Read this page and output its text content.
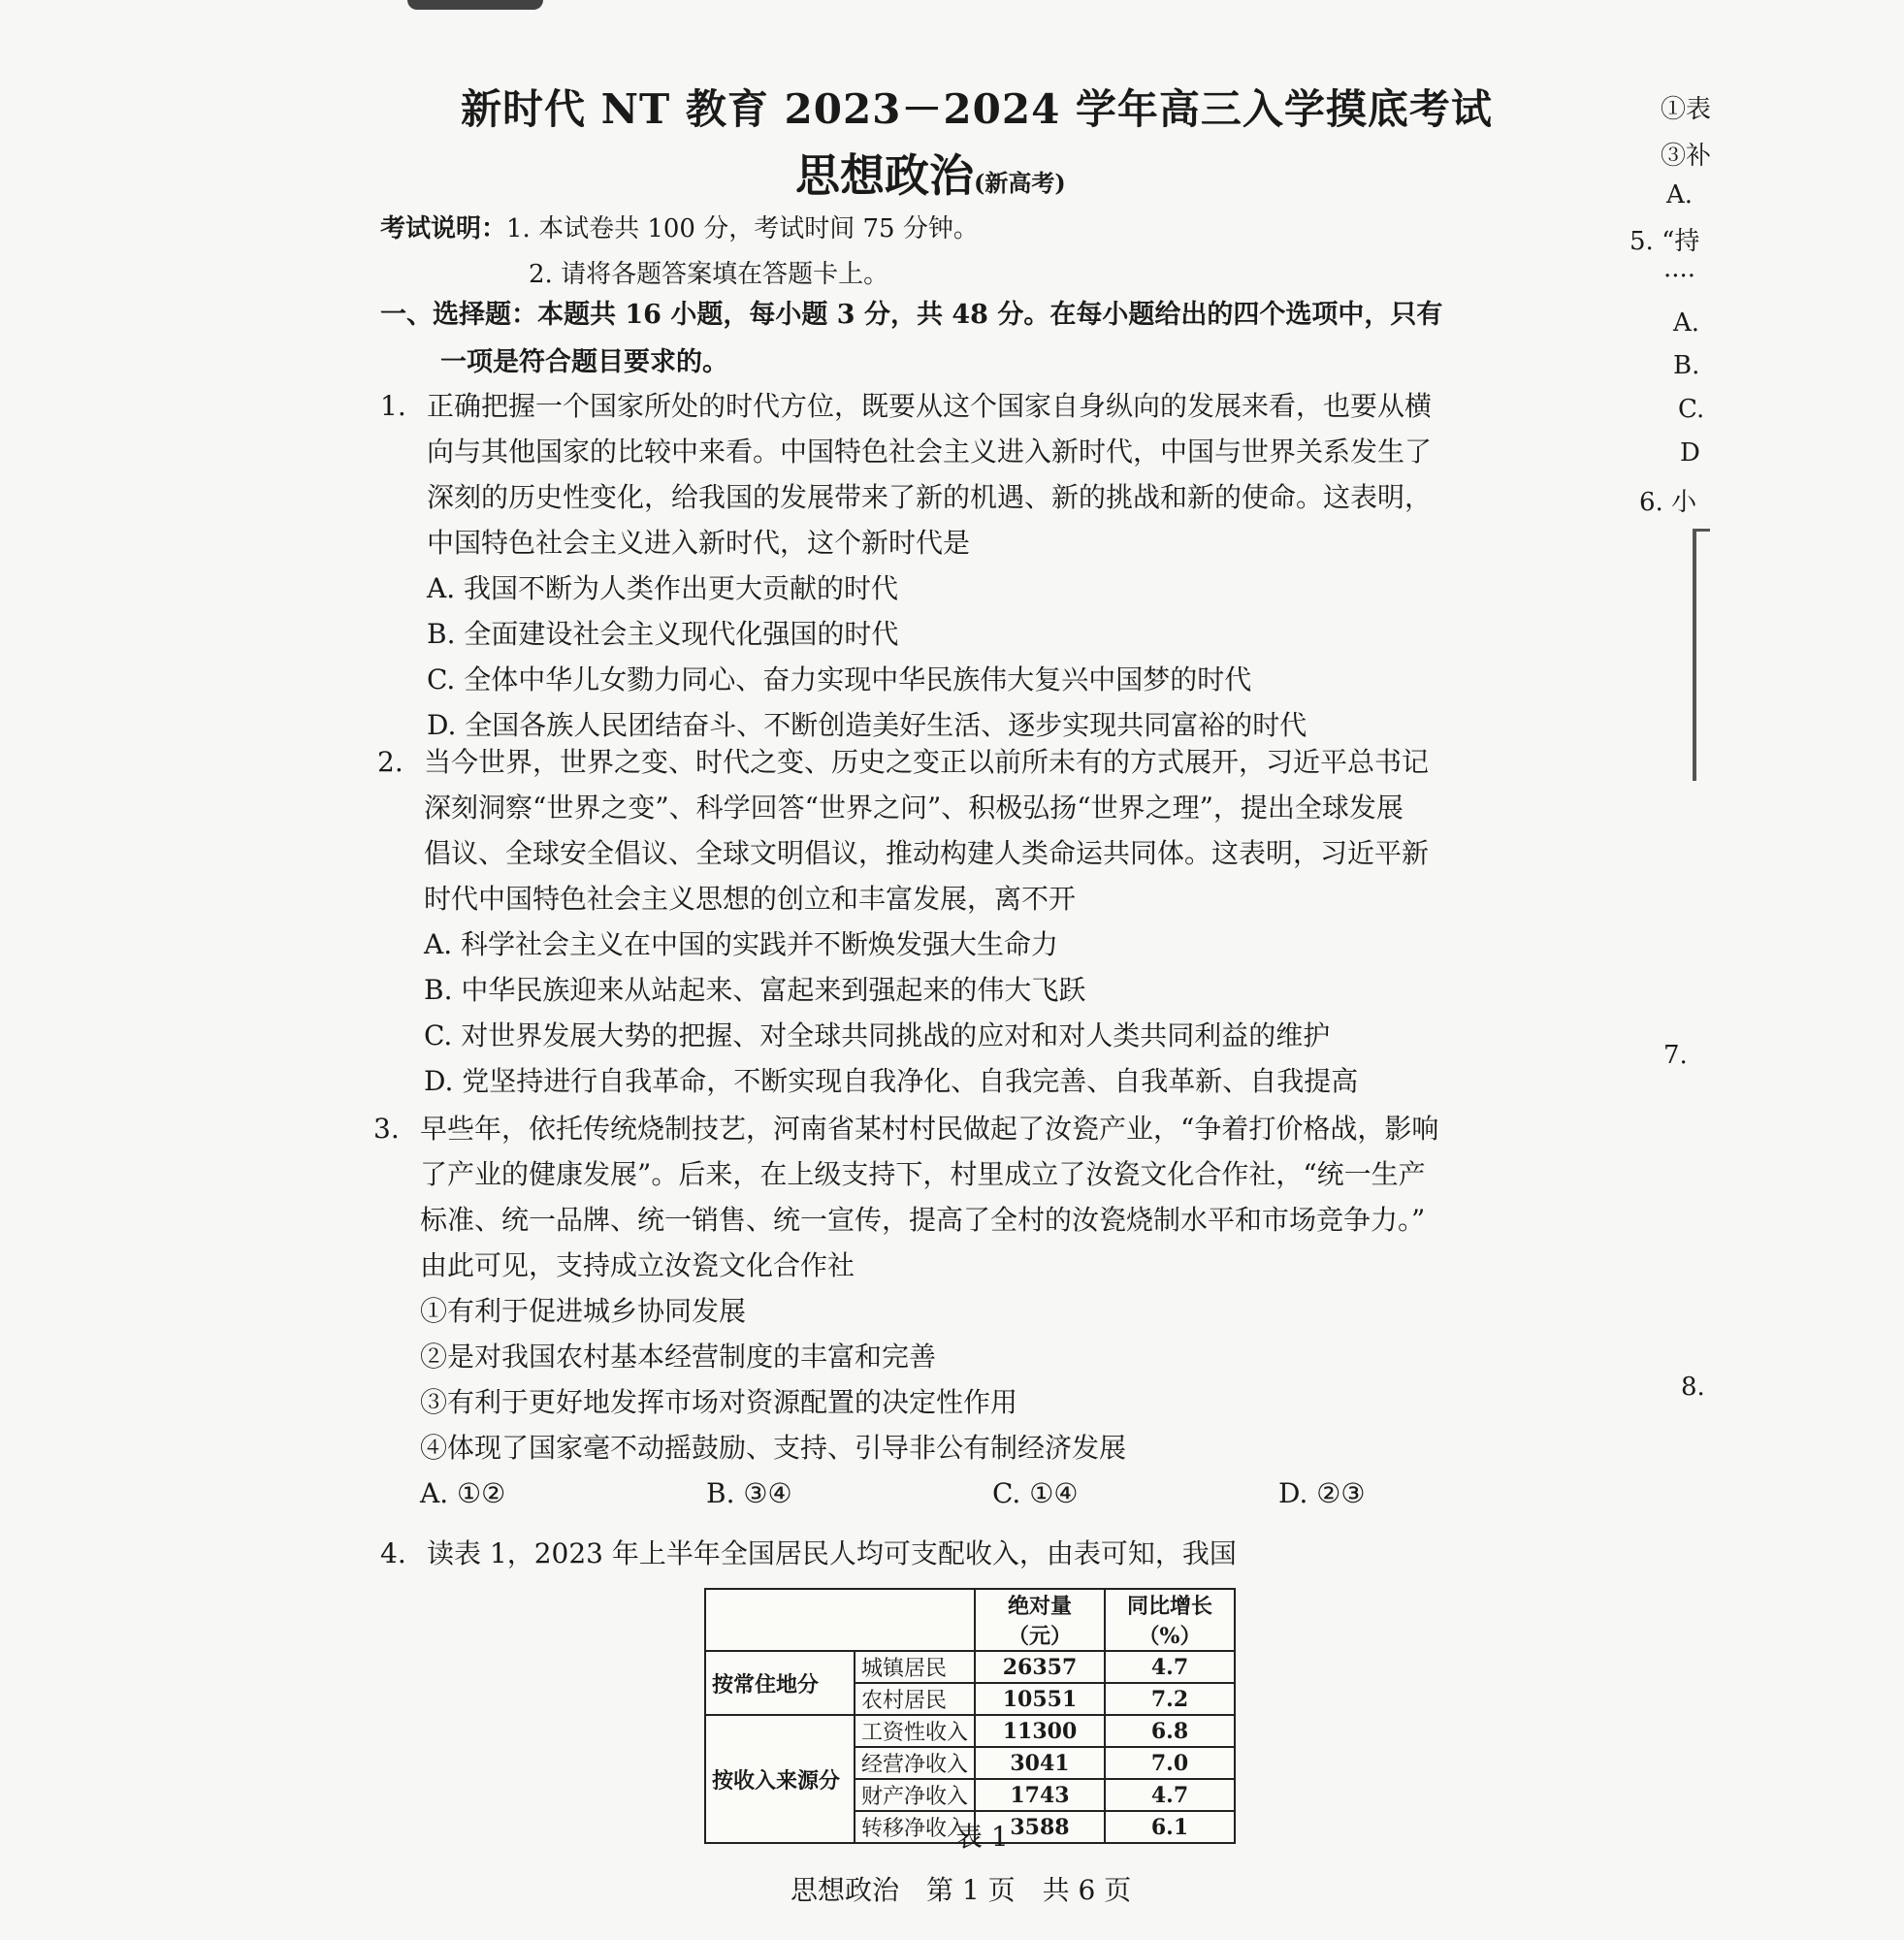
新时代 NT 教育 2023－2024 学年高三入学摸底考试
思想政治(新高考)
考试说明：1. 本试卷共 100 分，考试时间 75 分钟。
2. 请将各题答案填在答题卡上。
一、选择题：本题共 16 小题，每小题 3 分，共 48 分。在每小题给出的四个选项中，只有
一项是符合题目要求的。
1. 正确把握一个国家所处的时代方位，既要从这个国家自身纵向的发展来看，也要从横
向与其他国家的比较中来看。中国特色社会主义进入新时代，中国与世界关系发生了
深刻的历史性变化，给我国的发展带来了新的机遇、新的挑战和新的使命。这表明，
中国特色社会主义进入新时代，这个新时代是
A. 我国不断为人类作出更大贡献的时代
B. 全面建设社会主义现代化强国的时代
C. 全体中华儿女勠力同心、奋力实现中华民族伟大复兴中国梦的时代
D. 全国各族人民团结奋斗、不断创造美好生活、逐步实现共同富裕的时代
2. 当今世界，世界之变、时代之变、历史之变正以前所未有的方式展开，习近平总书记
深刻洞察“世界之变”、科学回答“世界之问”、积极弘扬“世界之理”，提出全球发展
倡议、全球安全倡议、全球文明倡议，推动构建人类命运共同体。这表明，习近平新
时代中国特色社会主义思想的创立和丰富发展，离不开
A. 科学社会主义在中国的实践并不断焕发强大生命力
B. 中华民族迎来从站起来、富起来到强起来的伟大飞跃
C. 对世界发展大势的把握、对全球共同挑战的应对和对人类共同利益的维护
D. 党坚持进行自我革命，不断实现自我净化、自我完善、自我革新、自我提高
3. 早些年，依托传统烧制技艺，河南省某村村民做起了汝瓷产业，“争着打价格战，影响
了产业的健康发展”。后来，在上级支持下，村里成立了汝瓷文化合作社，“统一生产
标准、统一品牌、统一销售、统一宣传，提高了全村的汝瓷烧制水平和市场竞争力。”
由此可见，支持成立汝瓷文化合作社
①有利于促进城乡协同发展
②是对我国农村基本经营制度的丰富和完善
③有利于更好地发挥市场对资源配置的决定性作用
④体现了国家毫不动摇鼓励、支持、引导非公有制经济发展
A. ①②	B. ③④	C. ①④	D. ②③
4. 读表 1，2023 年上半年全国居民人均可支配收入，由表可知，我国
		绝对量（元）	同比增长（%）
按常住地分	城镇居民	26357	4.7
	农村居民	10551	7.2
按收入来源分	工资性收入	11300	6.8
	经营净收入	3041	7.0
	财产净收入	1743	4.7
	转移净收入	3588	6.1
表 1
思想政治　第 1 页　共 6 页
①表
③补
A.
5. “持
····
A.
B.
C.
D
6. 小
7.
8.
